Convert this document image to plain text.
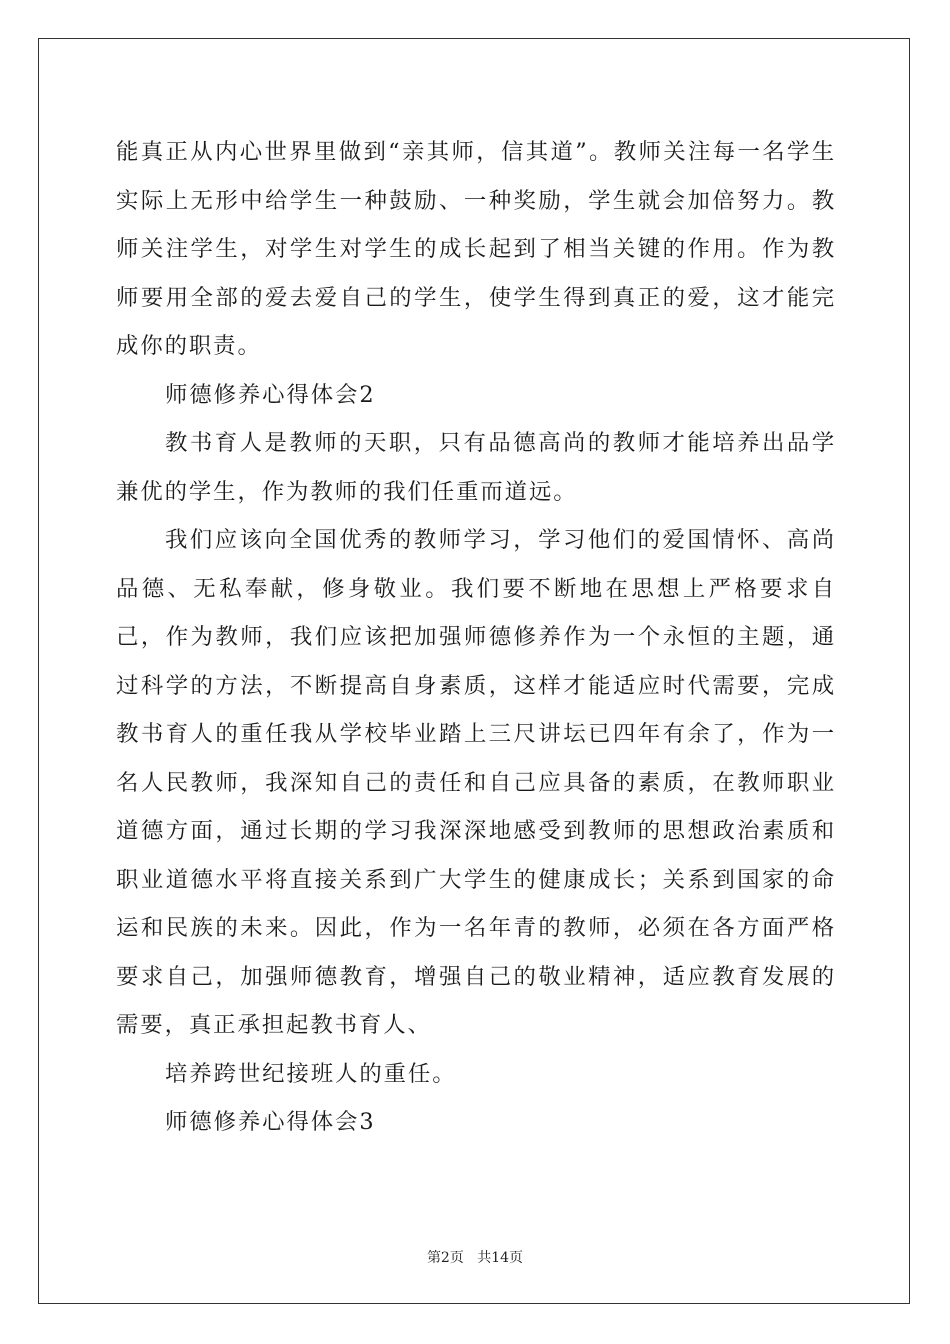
能真正从内心世界里做到“亲其师，信其道”。教师关注每一名学生实际上无形中给学生一种鼓励、一种奖励，学生就会加倍努力。教师关注学生，对学生对学生的成长起到了相当关键的作用。作为教师要用全部的爱去爱自己的学生，使学生得到真正的爱，这才能完成你的职责。

师德修养心得体会2

教书育人是教师的天职，只有品德高尚的教师才能培养出品学兼优的学生，作为教师的我们任重而道远。

我们应该向全国优秀的教师学习，学习他们的爱国情怀、高尚品德、无私奉献，修身敬业。我们要不断地在思想上严格要求自己，作为教师，我们应该把加强师德修养作为一个永恒的主题，通过科学的方法，不断提高自身素质，这样才能适应时代需要，完成教书育人的重任我从学校毕业踏上三尺讲坛已四年有余了，作为一名人民教师，我深知自己的责任和自己应具备的素质，在教师职业道德方面，通过长期的学习我深深地感受到教师的思想政治素质和职业道德水平将直接关系到广大学生的健康成长；关系到国家的命运和民族的未来。因此，作为一名年青的教师，必须在各方面严格要求自己，加强师德教育，增强自己的敬业精神，适应教育发展的需要，真正承担起教书育人、

培养跨世纪接班人的重任。

师德修养心得体会3

第2页 共14页
